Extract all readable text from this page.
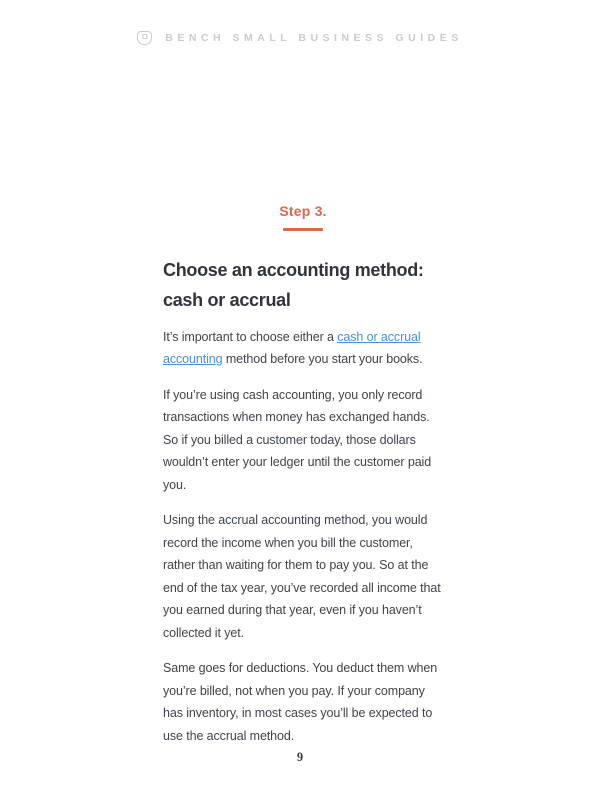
BENCH SMALL BUSINESS GUIDES
Step 3.
Choose an accounting method:
cash or accrual

It’s important to choose either a cash or accrual accounting method before you start your books.

If you’re using cash accounting, you only record transactions when money has exchanged hands. So if you billed a customer today, those dollars wouldn’t enter your ledger until the customer paid you.

Using the accrual accounting method, you would record the income when you bill the customer, rather than waiting for them to pay you. So at the end of the tax year, you’ve recorded all income that you earned during that year, even if you haven’t collected it yet.

Same goes for deductions. You deduct them when you’re billed, not when you pay. If your company has inventory, in most cases you’ll be expected to use the accrual method.

9
